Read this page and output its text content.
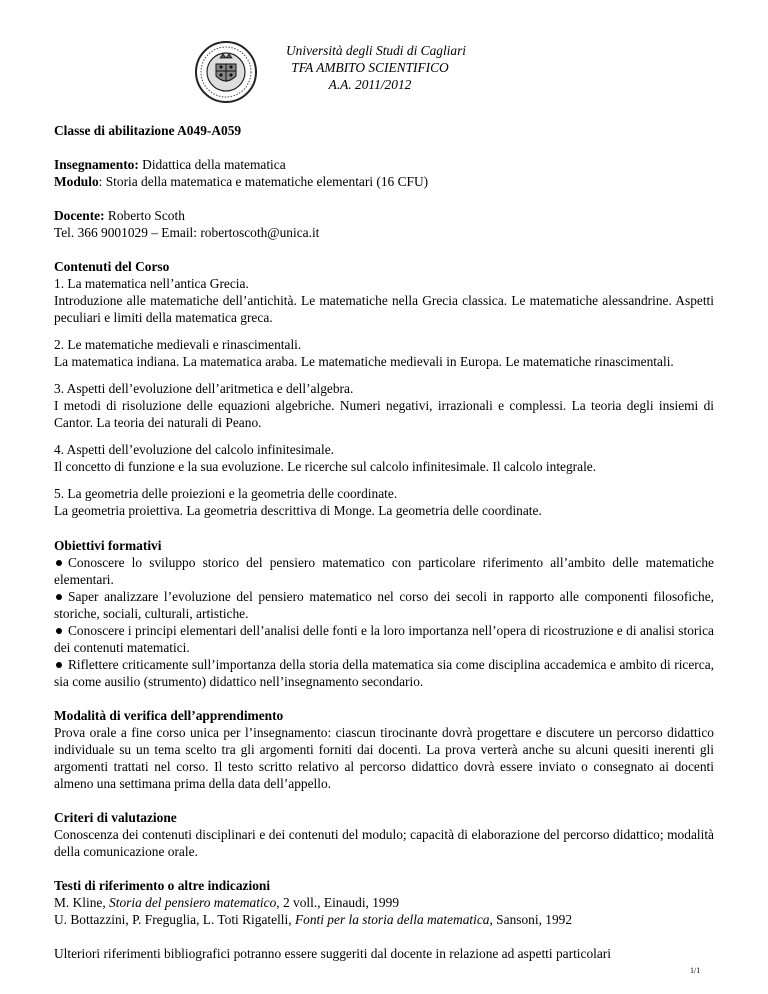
Università degli Studi di Cagliari
TFA AMBITO SCIENTIFICO
A.A. 2011/2012
Classe di abilitazione A049-A059
Insegnamento: Didattica della matematica
Modulo: Storia della matematica e matematiche elementari (16 CFU)
Docente: Roberto Scoth
Tel. 366 9001029 – Email: robertoscoth@unica.it
Contenuti del Corso
1. La matematica nell’antica Grecia.
Introduzione alle matematiche dell’antichità. Le matematiche nella Grecia classica. Le matematiche alessandrine. Aspetti peculiari e limiti della matematica greca.
2. Le matematiche medievali e rinascimentali.
La matematica indiana. La matematica araba. Le matematiche medievali in Europa. Le matematiche rinascimentali.
3. Aspetti dell’evoluzione dell’aritmetica e dell’algebra.
I metodi di risoluzione delle equazioni algebriche. Numeri negativi, irrazionali e complessi. La teoria degli insiemi di Cantor. La teoria dei naturali di Peano.
4. Aspetti dell’evoluzione del calcolo infinitesimale.
Il concetto di funzione e la sua evoluzione. Le ricerche sul calcolo infinitesimale. Il calcolo integrale.
5. La geometria delle proiezioni e la geometria delle coordinate.
La geometria proiettiva. La geometria descrittiva di Monge. La geometria delle coordinate.
Obiettivi formativi
Conoscere lo sviluppo storico del pensiero matematico con particolare riferimento all’ambito delle matematiche elementari.
Saper analizzare l’evoluzione del pensiero matematico nel corso dei secoli in rapporto alle componenti filosofiche, storiche, sociali, culturali, artistiche.
Conoscere i principi elementari dell’analisi delle fonti e la loro importanza nell’opera di ricostruzione e di analisi storica dei contenuti matematici.
Riflettere criticamente sull’importanza della storia della matematica sia come disciplina accademica e ambito di ricerca, sia come ausilio (strumento) didattico nell’insegnamento secondario.
Modalità di verifica dell’apprendimento
Prova orale a fine corso unica per l’insegnamento: ciascun tirocinante dovrà progettare e discutere un percorso didattico individuale su un tema scelto tra gli argomenti forniti dai docenti. La prova verterà anche su alcuni quesiti inerenti gli argomenti trattati nel corso. Il testo scritto relativo al percorso didattico dovrà essere inviato o consegnato ai docenti almeno una settimana prima della data dell’appello.
Criteri di valutazione
Conoscenza dei contenuti disciplinari e dei contenuti del modulo; capacità di elaborazione del percorso didattico; modalità della comunicazione orale.
Testi di riferimento o altre indicazioni
M. Kline, Storia del pensiero matematico, 2 voll., Einaudi, 1999
U. Bottazzini, P. Freguglia, L. Toti Rigatelli, Fonti per la storia della matematica, Sansoni, 1992
Ulteriori riferimenti bibliografici potranno essere suggeriti dal docente in relazione ad aspetti particolari
1/1
